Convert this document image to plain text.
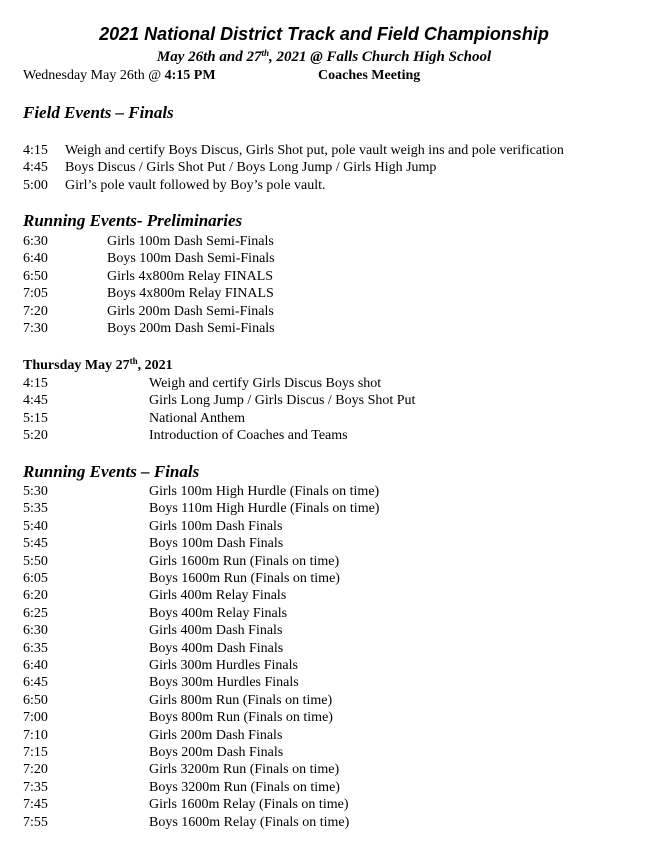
2021 National District Track and Field Championship
May 26th and 27th, 2021 @ Falls Church High School
Wednesday May 26th @ 4:15 PM	Coaches Meeting
Field Events – Finals
4:15 Weigh and certify Boys Discus, Girls Shot put, pole vault weigh ins and pole verification
4:45 Boys Discus / Girls Shot Put / Boys Long Jump / Girls High Jump
5:00 Girl’s pole vault followed by Boy’s pole vault.
Running Events- Preliminaries
6:30	Girls 100m Dash Semi-Finals
6:40	Boys 100m Dash Semi-Finals
6:50	Girls 4x800m Relay FINALS
7:05	Boys 4x800m Relay FINALS
7:20	Girls 200m Dash Semi-Finals
7:30	Boys 200m Dash Semi-Finals
Thursday May 27th, 2021
4:15	Weigh and certify Girls Discus Boys shot
4:45	Girls Long Jump / Girls Discus / Boys Shot Put
5:15	National Anthem
5:20	Introduction of Coaches and Teams
Running Events – Finals
5:30	Girls 100m High Hurdle (Finals on time)
5:35	Boys 110m High Hurdle (Finals on time)
5:40	Girls 100m Dash Finals
5:45	Boys 100m Dash Finals
5:50	Girls 1600m Run (Finals on time)
6:05	Boys 1600m Run (Finals on time)
6:20	Girls 400m Relay Finals
6:25	Boys 400m Relay Finals
6:30	Girls 400m Dash Finals
6:35	Boys 400m Dash Finals
6:40	Girls 300m Hurdles Finals
6:45	Boys 300m Hurdles Finals
6:50	Girls 800m Run (Finals on time)
7:00	Boys 800m Run (Finals on time)
7:10	Girls 200m Dash Finals
7:15	Boys 200m Dash Finals
7:20	Girls 3200m Run (Finals on time)
7:35	Boys 3200m Run (Finals on time)
7:45	Girls 1600m Relay (Finals on time)
7:55	Boys 1600m Relay (Finals on time)
